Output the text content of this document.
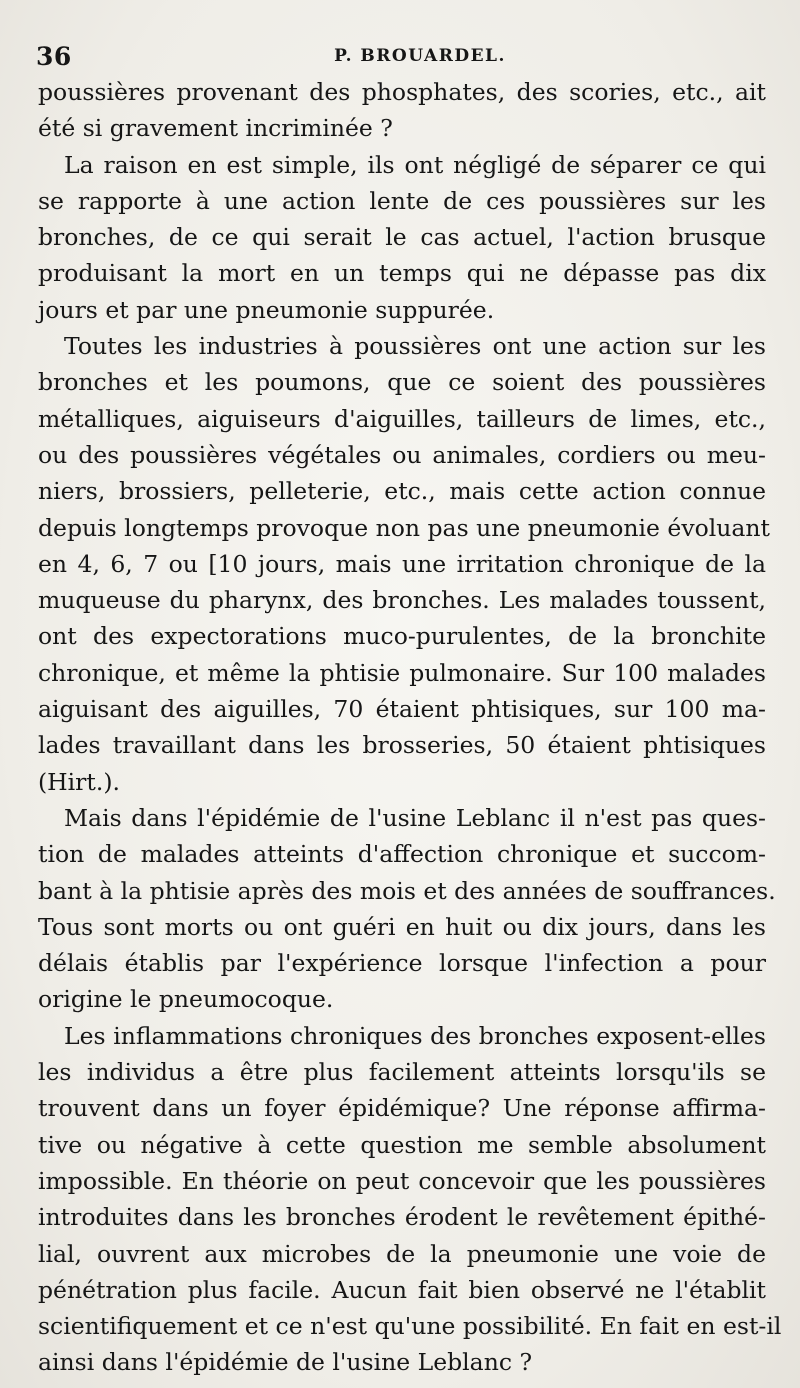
36	P. BROUARDEL.
poussières provenant des phosphates, des scories, etc., ait
été si gravement incriminée ?
La raison en est simple, ils ont négligé de séparer ce qui
se rapporte à une action lente de ces poussières sur les
bronches, de ce qui serait le cas actuel, l'action brusque
produisant la mort en un temps qui ne dépasse pas dix
jours et par une pneumonie suppurée.
Toutes les industries à poussières ont une action sur les
bronches et les poumons, que ce soient des poussières
métalliques, aiguiseurs d'aiguilles, tailleurs de limes, etc.,
ou des poussières végétales ou animales, cordiers ou meu-
niers, brossiers, pelleterie, etc., mais cette action connue
depuis longtemps provoque non pas une pneumonie évoluant
en 4, 6, 7 ou [10 jours, mais une irritation chronique de la
muqueuse du pharynx, des bronches. Les malades toussent,
ont des expectorations muco-purulentes, de la bronchite
chronique, et même la phtisie pulmonaire. Sur 100 malades
aiguisant des aiguilles, 70 étaient phtisiques, sur 100 ma-
lades travaillant dans les brosseries, 50 étaient phtisiques
(Hirt.).
Mais dans l'épidémie de l'usine Leblanc il n'est pas ques-
tion de malades atteints d'affection chronique et succom-
bant à la phtisie après des mois et des années de souffrances.
Tous sont morts ou ont guéri en huit ou dix jours, dans les
délais établis par l'expérience lorsque l'infection a pour
origine le pneumocoque.
Les inflammations chroniques des bronches exposent-elles
les individus a être plus facilement atteints lorsqu'ils se
trouvent dans un foyer épidémique? Une réponse affirma-
tive ou négative à cette question me semble absolument
impossible. En théorie on peut concevoir que les poussières
introduites dans les bronches érodent le revêtement épithé-
lial, ouvrent aux microbes de la pneumonie une voie de
pénétration plus facile. Aucun fait bien observé ne l'établit
scientifiquement et ce n'est qu'une possibilité. En fait en est-il
ainsi dans l'épidémie de l'usine Leblanc ?
